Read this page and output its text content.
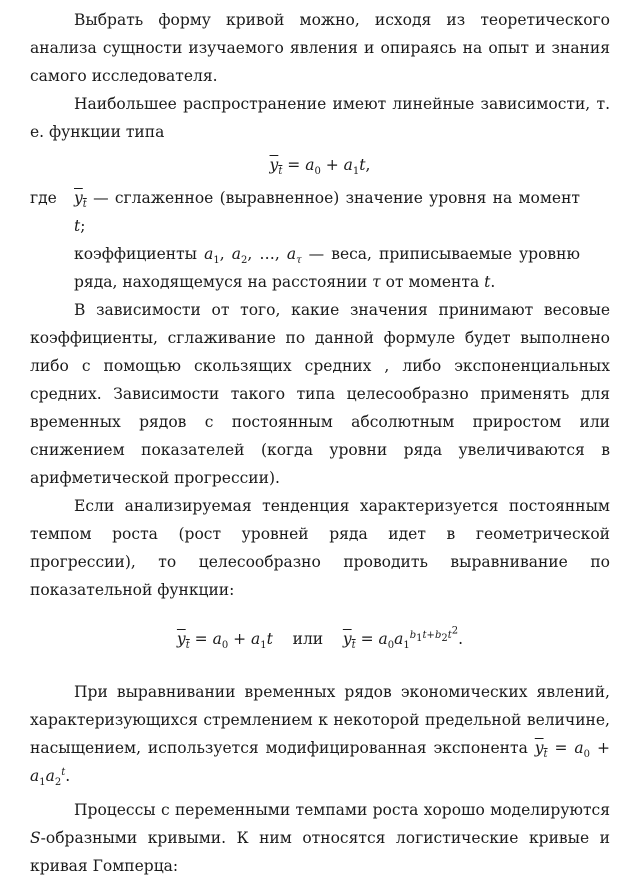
Выбрать форму кривой можно, исходя из теоретического анализа сущности изучаемого явления и опираясь на опыт и знания самого исследователя.

Наибольшее распространение имеют линейные зависимости, т. е. функции типа

$y_t = a_0 + a_1t$,
где	$y_t$ — сглаженное (выравненное) значение уровня на момент t;

коэффициенты $a_1$, $a_2$, …, $a_\tau$ — веса, приписываемые уровню ряда, находящемуся на расстоянии τ от момента t.

В зависимости от того, какие значения принимают весовые коэффициенты, сглаживание по данной формуле будет выполнено либо с помощью скользящих средних , либо экспоненциальных средних. Зависимости такого типа целесообразно применять для временных рядов с постоянным абсолютным приростом или снижением показателей (когда уровни ряда увеличиваются в арифметической прогрессии).

Если анализируемая тенденция характеризуется постоянным темпом роста (рост уровней ряда идет в геометрической прогрессии), то целесообразно проводить выравнивание по показательной функции:

$y_t = a_0 + a_1t$ или $y_t = a_0a_1^{b_1t+b_2t^2}$.

При выравнивании временных рядов экономических явлений, характеризующихся стремлением к некоторой предельной величине, насыщением, используется модифицированная экспонента $y_t = a_0 + a_1a_2^t$.

Процессы с переменными темпами роста хорошо моделируются S-образными кривыми. К ним относятся логистические кривые и кривая Гомперца:
